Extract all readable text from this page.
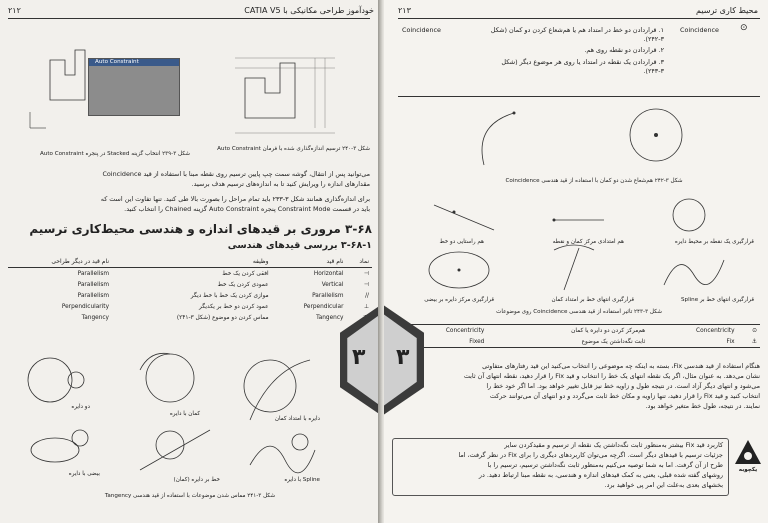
۲۱۲	خودآموز طراحی مکانیکی با CATIA V5
Auto Constraint
شکل ۳-۲۳۹ انتخاب گزینه Stacked در پنجره Auto Constraint
شکل ۳-۲۴۰ ترسیم اندازه‌گذاری شده با فرمان Auto Constraint
می‌توانید پس از انتقال، گوشه سمت چپ پایین ترسیم روی نقطه مبنا با استفاده از قید Coincidence
مقدارهای اندازه را ویرایش کنید تا به اندازه‌های ترسیم هدف برسید.
برای اندازه‌گذاری همانند شکل ۳-۲۳۳ باید تمام مراحل را بصورت بالا طی کنید. تنها تفاوت این است که
باید در قسمت Constraint Mode پنجره Auto Constraint گزینه Chained را انتخاب کنید.
۳-۶۸ مروری بر قیدهای اندازه و هندسی محیط‌کاری ترسیم
۳-۶۸-۱ بررسی قیدهای هندسی
نماد	نام قید	وظیفه	نام قید در دیگر طراحی
⊢	Horizontal	افقی کردن یک خط	Parallelism
⊢	Vertical	عمودی کردن یک خط	Parallelism
//	Parallelism	موازی کردن یک خط با خط دیگر	Parallelism
⊥	Perpendicular	عمود کردن دو خط بر یکدیگر	Perpendicularity
	Tangency	مماس کردن دو موضوع (شکل ۳-۲۴۱)	Tangency
دو دایره
کمان با دایره
دایره با امتداد کمان
بیضی با دایره
خط بر دایره (کمان)	Spline با دایره
شکل ۳-۲۴۱ مماس شدن موضوعات با استفاده از قید هندسی Tangency
۳
۲۱۳	محیط کاری ترسیم
Coincidence	Coincidence ⊙
۱. قراردادن دو خط در امتداد هم یا هم‌شعاع کردن دو کمان (شکل ۳-۲۴۲).
۲. قراردادن دو نقطه روی هم.
۳. قراردادن یک نقطه در امتداد یا روی هر موضوع دیگر (شکل ۳-۲۴۳).
شکل ۳-۲۴۲ هم‌شعاع شدن دو کمان با استفاده از قید هندسی Coincidence
هم راستایی دو خط	هم امتدادی مرکز کمان و نقطه	قرارگیری یک نقطه بر محیط دایره
قرارگیری مرکز دایره بر بیضی	قرارگیری انتهای خط بر امتداد کمان	قرارگیری انتهای خط بر Spline
شکل ۳-۲۴۳ تاثیر استفاده از قید هندسی Coincidence روی موضوعات
⊙	Concentricity	هم‌مرکز کردن دو دایره یا کمان	Concentricity
⚓	Fix	ثابت نگه‌داشتن یک موضوع	Fixed
هنگام استفاده از قید هندسی Fix، بسته به اینکه چه موضوعی را انتخاب می‌کنید این قید رفتارهای متفاوتی
نشان می‌دهد. به عنوان مثال، اگر یک نقطه انتهای یک خط را انتخاب و قید Fix را قرار دهید، نقطه انتهای آن ثابت
می‌شود و انتهای دیگر آزاد است. در نتیجه طول و زاویه خط نیز قابل تغییر خواهد بود. اما اگر خود خط را
انتخاب کنید و قید Fix را قرار دهید، تنها زاویه و مکان خط ثابت می‌گردد و دو انتهای آن می‌توانند حرکت
نمایند. در نتیجه، طول خط متغیر خواهد بود.
کاربرد قید Fix بیشتر به‌منظور ثابت نگه‌داشتن یک نقطه از ترسیم و مقیدکردن سایر
جزئیات ترسیم با قیدهای دیگر است. اگرچه می‌توان کاربردهای دیگری را برای Fix در نظر گرفت، اما
طرح از آن گرفت. اما به شما توصیه می‌کنیم به‌منظور ثابت نگه‌داشتن ترسیم، ترسیم را با
روشهای گفته شده قبلی، یعنی به کمک قیدهای اندازه و هندسی، به نقطه مبنا ارتباط دهید. در
بخشهای بعدی به‌علت این امر پی خواهید برد.
یکچوبه
۳
